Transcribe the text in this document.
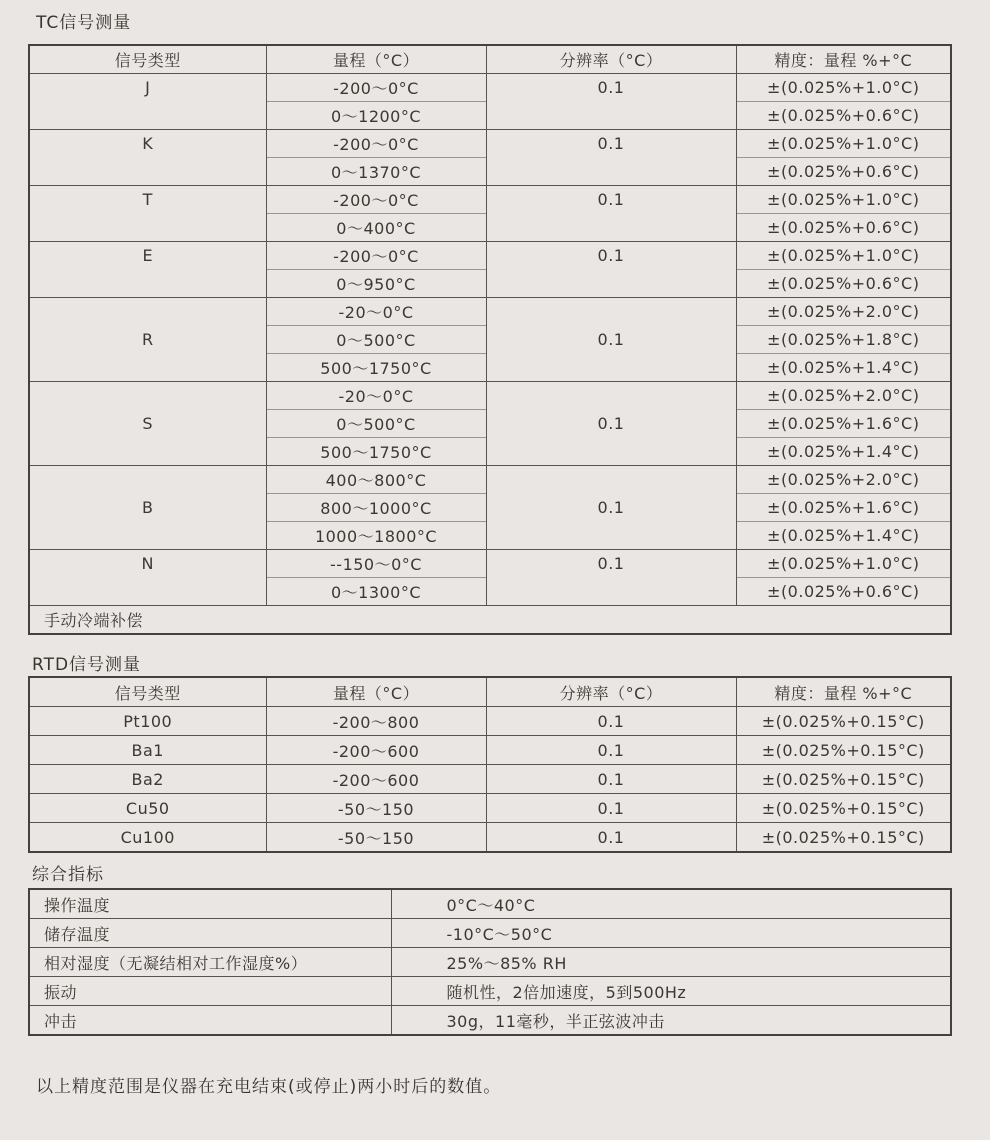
TC信号测量
信号类型	量程（°C）	分辨率（°C）	精度：量程 %+°C
J	-200～0°C	0.1	±(0.025%+1.0°C)
	0～1200°C		±(0.025%+0.6°C)
K	-200～0°C	0.1	±(0.025%+1.0°C)
	0～1370°C		±(0.025%+0.6°C)
T	-200～0°C	0.1	±(0.025%+1.0°C)
	0～400°C		±(0.025%+0.6°C)
E	-200～0°C	0.1	±(0.025%+1.0°C)
	0～950°C		±(0.025%+0.6°C)
R	-20～0°C	0.1	±(0.025%+2.0°C)
	0～500°C		±(0.025%+1.8°C)
	500～1750°C		±(0.025%+1.4°C)
S	-20～0°C	0.1	±(0.025%+2.0°C)
	0～500°C		±(0.025%+1.6°C)
	500～1750°C		±(0.025%+1.4°C)
B	400～800°C	0.1	±(0.025%+2.0°C)
	800～1000°C		±(0.025%+1.6°C)
	1000～1800°C		±(0.025%+1.4°C)
N	--150～0°C	0.1	±(0.025%+1.0°C)
	0～1300°C		±(0.025%+0.6°C)
手动冷端补偿			
RTD信号测量
信号类型	量程（°C）	分辨率（°C）	精度：量程 %+°C
Pt100	-200～800	0.1	±(0.025%+0.15°C)
Ba1	-200～600	0.1	±(0.025%+0.15°C)
Ba2	-200～600	0.1	±(0.025%+0.15°C)
Cu50	-50～150	0.1	±(0.025%+0.15°C)
Cu100	-50～150	0.1	±(0.025%+0.15°C)
综合指标
操作温度	0°C～40°C
储存温度	-10°C～50°C
相对湿度（无凝结相对工作湿度%）	25%～85% RH
振动	随机性，2倍加速度，5到500Hz
冲击	30g，11毫秒，半正弦波冲击
以上精度范围是仪器在充电结束(或停止)两小时后的数值。
